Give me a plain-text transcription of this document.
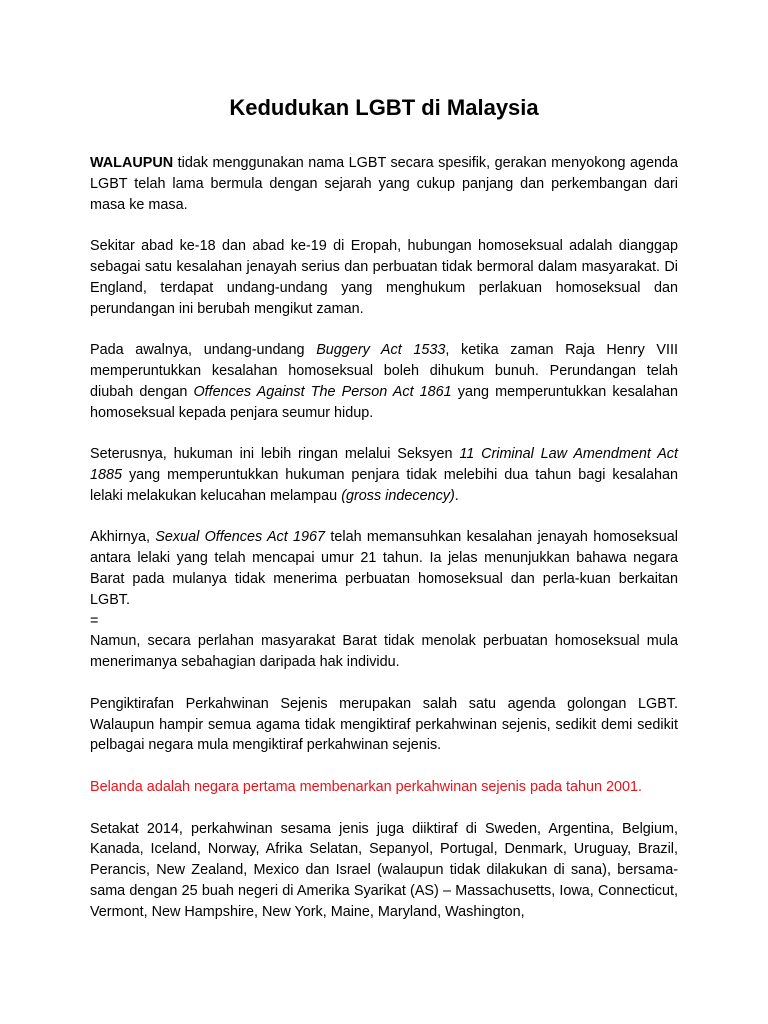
Kedudukan LGBT di Malaysia

WALAUPUN tidak menggunakan nama LGBT secara spesifik, gerakan menyokong agenda LGBT telah lama bermula dengan sejarah yang cukup panjang dan perkembangan dari masa ke masa.

Sekitar abad ke-18 dan abad ke-19 di Eropah, hubungan homoseksual adalah dianggap sebagai satu kesalahan jenayah serius dan perbuatan tidak bermoral dalam masyarakat. Di England, terdapat undang-undang yang menghukum perlakuan homoseksual dan perundangan ini berubah mengikut zaman.

Pada awalnya, undang-undang Buggery Act 1533, ketika zaman Raja Henry VIII memperuntukkan kesalahan homoseksual boleh dihukum bunuh. Perundangan telah diubah dengan Offences Against The Person Act 1861 yang memperuntukkan kesalahan homoseksual kepada penjara seumur hidup.

Seterusnya, hukuman ini lebih ringan melalui Seksyen 11 Criminal Law Amendment Act 1885 yang memperuntukkan hukuman penjara tidak melebihi dua tahun bagi kesalahan lelaki melakukan kelucahan melampau (gross indecency).

Akhirnya, Sexual Offences Act 1967 telah memansuhkan kesalahan jenayah homoseksual antara lelaki yang telah mencapai umur 21 tahun. Ia jelas menunjukkan bahawa negara Barat pada mulanya tidak menerima perbuatan homoseksual dan perla-kuan berkaitan LGBT.

=

Namun, secara perlahan masyarakat Barat tidak menolak perbuatan homoseksual mula menerimanya sebahagian daripada hak individu.

Pengiktirafan Perkahwinan Sejenis merupakan salah satu agenda golongan LGBT. Walaupun hampir semua agama tidak mengiktiraf perkahwinan sejenis, sedikit demi sedikit pelbagai negara mula mengiktiraf perkahwinan sejenis.

Belanda adalah negara pertama membenarkan perkahwinan sejenis pada tahun 2001.

Setakat 2014, perkahwinan sesama jenis juga diiktiraf di Sweden, Argentina, Belgium, Kanada, Iceland, Norway, Afrika Selatan, Sepanyol, Portugal, Denmark, Uruguay, Brazil, Perancis, New Zealand, Mexico dan Israel (walaupun tidak dilakukan di sana), bersama-sama dengan 25 buah negeri di Amerika Syarikat (AS) – Massachusetts, Iowa, Connecticut, Vermont, New Hampshire, New York, Maine, Maryland, Washington,
